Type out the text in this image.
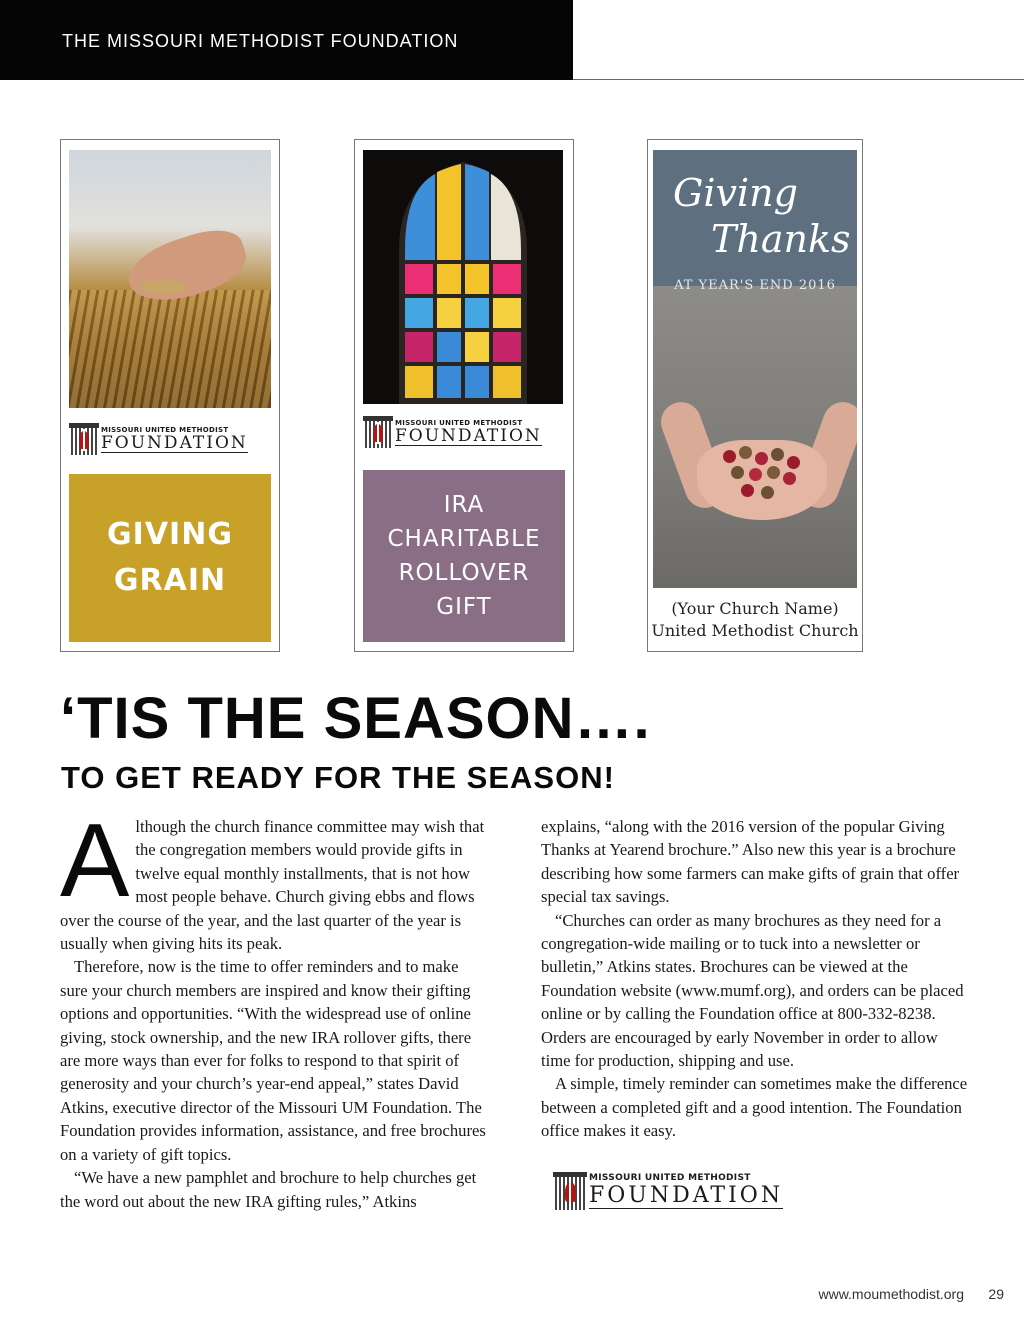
THE MISSOURI METHODIST FOUNDATION
MISSOURI UNITED METHODIST
FOUNDATION
GIVING
GRAIN
MISSOURI UNITED METHODIST
FOUNDATION
IRA
CHARITABLE
ROLLOVER
GIFT
Giving
Thanks
AT YEAR'S END 2016
(Your Church Name)
United Methodist Church
‘TIS THE SEASON….
TO GET READY FOR THE SEASON!

Although the church finance committee may wish that the congregation members would provide gifts in twelve equal monthly installments, that is not how most people behave. Church giving ebbs and flows over the course of the year, and the last quarter of the year is usually when giving hits its peak.

Therefore, now is the time to offer reminders and to make sure your church members are inspired and know their gifting options and opportunities. “With the widespread use of online giving, stock ownership, and the new IRA rollover gifts, there are more ways than ever for folks to respond to that spirit of generosity and your church’s year-end appeal,” states David Atkins, executive director of the Missouri UM Foundation. The Foundation provides information, assistance, and free brochures on a variety of gift topics.

“We have a new pamphlet and brochure to help churches get the word out about the new IRA gifting rules,” Atkins

explains, “along with the 2016 version of the popular Giving Thanks at Yearend brochure.” Also new this year is a brochure describing how some farmers can make gifts of grain that offer special tax savings.

“Churches can order as many brochures as they need for a congregation-wide mailing or to tuck into a newsletter or bulletin,” Atkins states. Brochures can be viewed at the Foundation website (www.mumf.org), and orders can be placed online or by calling the Foundation office at 800-332-8238. Orders are encouraged by early November in order to allow time for production, shipping and use.

A simple, timely reminder can sometimes make the difference between a completed gift and a good intention. The Foundation office makes it easy.

MISSOURI UNITED METHODIST
FOUNDATION
www.moumethodist.org 29
